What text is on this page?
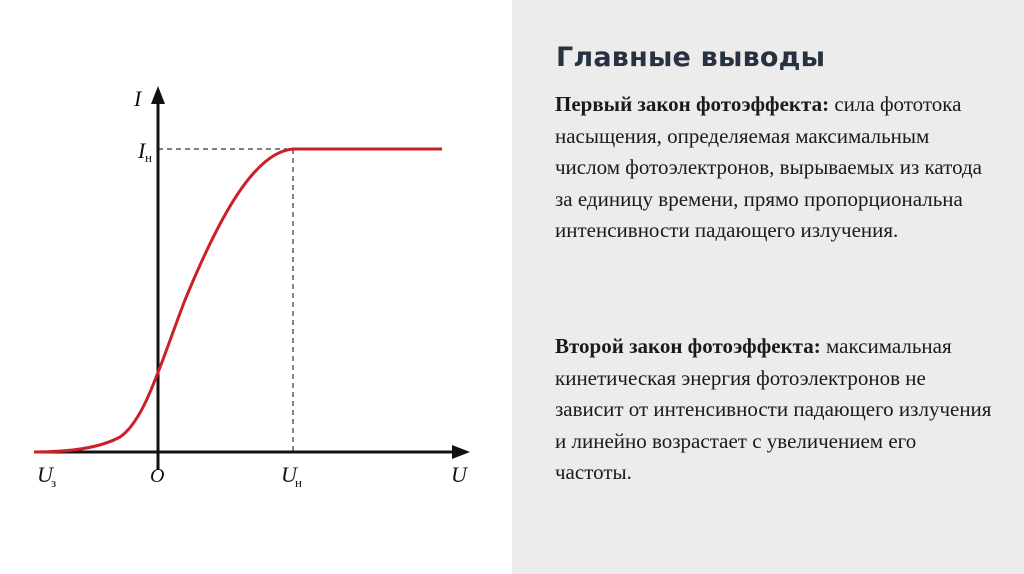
I
U
O
I н
U
н
U
з
Главные выводы

Первый закон фотоэффекта: сила фототока насыщения, определяемая максимальным числом фотоэлектронов, вырываемых из катода за единицу времени, прямо пропорциональна интенсивности падающего излучения.

Второй закон фотоэффекта: максимальная кинетическая энергия фотоэлектронов не зависит от интенсивности падающего излучения и линейно возрастает с увеличением его частоты.
